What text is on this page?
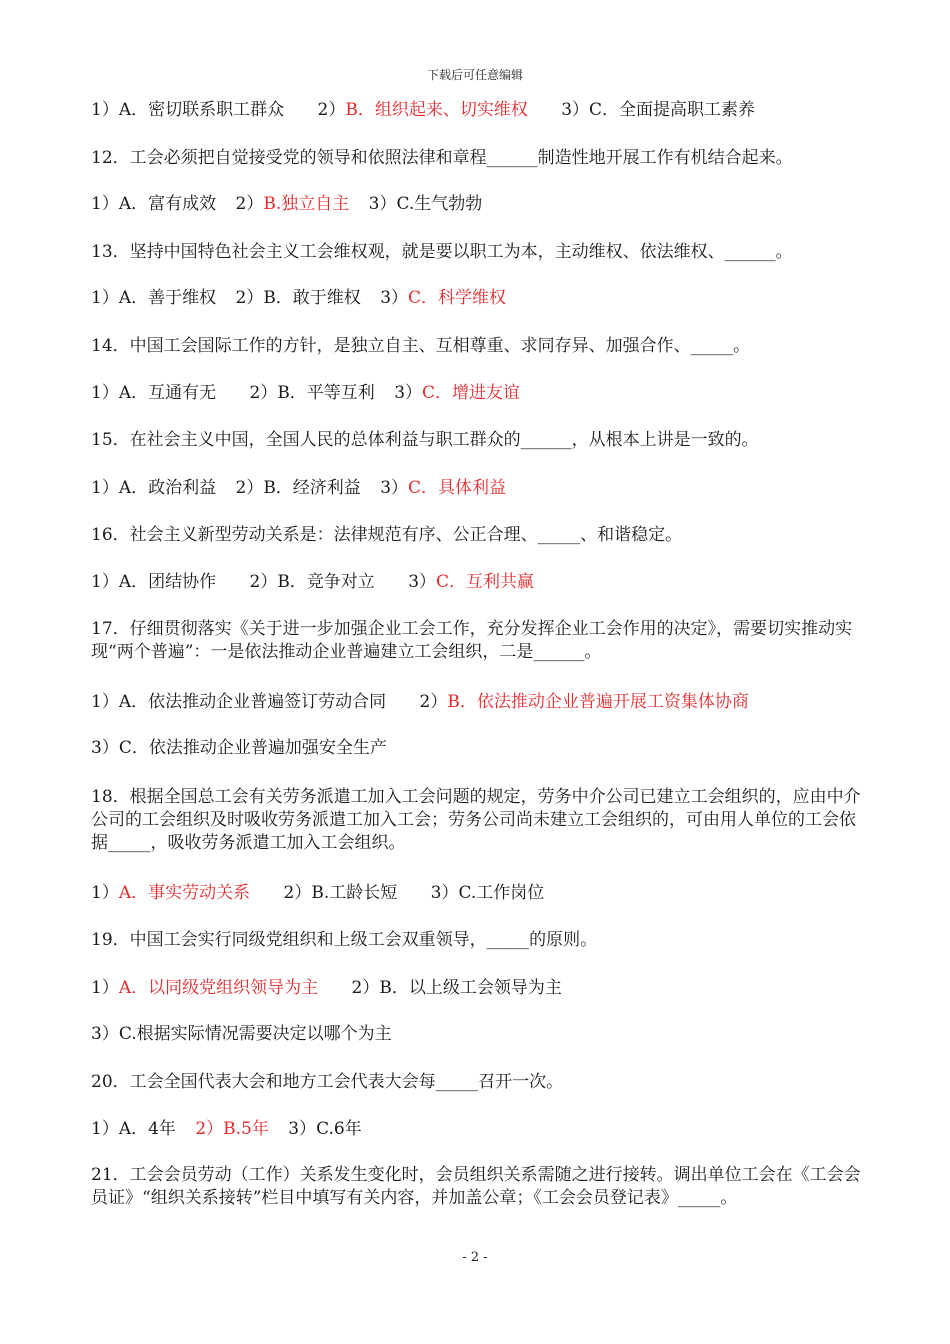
下载后可任意编辑
1）A．密切联系职工群众 2）B．组织起来、切实维权 3）C．全面提高职工素养
12．工会必须把自觉接受党的领导和依照法律和章程______制造性地开展工作有机结合起来。
1）A．富有成效 2）B.独立自主 3）C.生气勃勃
13．坚持中国特色社会主义工会维权观，就是要以职工为本，主动维权、依法维权、______。
1）A．善于维权 2）B．敢于维权 3）C．科学维权
14．中国工会国际工作的方针，是独立自主、互相尊重、求同存异、加强合作、_____。
1）A．互通有无 2）B．平等互利 3）C．增进友谊
15．在社会主义中国，全国人民的总体利益与职工群众的______，从根本上讲是一致的。
1）A．政治利益 2）B．经济利益 3）C．具体利益
16．社会主义新型劳动关系是：法律规范有序、公正合理、_____、和谐稳定。
1）A．团结协作 2）B．竞争对立 3）C．互利共赢
17．仔细贯彻落实《关于进一步加强企业工会工作，充分发挥企业工会作用的决定》，需要切实推动实现“两个普遍”：一是依法推动企业普遍建立工会组织，二是______。
1）A．依法推动企业普遍签订劳动合同 2）B．依法推动企业普遍开展工资集体协商
3）C．依法推动企业普遍加强安全生产
18．根据全国总工会有关劳务派遣工加入工会问题的规定，劳务中介公司已建立工会组织的，应由中介公司的工会组织及时吸收劳务派遣工加入工会；劳务公司尚未建立工会组织的，可由用人单位的工会依据_____，吸收劳务派遣工加入工会组织。
1）A．事实劳动关系 2）B.工龄长短 3）C.工作岗位
19．中国工会实行同级党组织和上级工会双重领导，_____的原则。
1）A．以同级党组织领导为主 2）B．以上级工会领导为主
3）C.根据实际情况需要决定以哪个为主
20．工会全国代表大会和地方工会代表大会每_____召开一次。
1）A．4年 2）B.5年 3）C.6年
21．工会会员劳动（工作）关系发生变化时，会员组织关系需随之进行接转。调出单位工会在《工会会员证》“组织关系接转”栏目中填写有关内容，并加盖公章；《工会会员登记表》_____。
- 2 -
